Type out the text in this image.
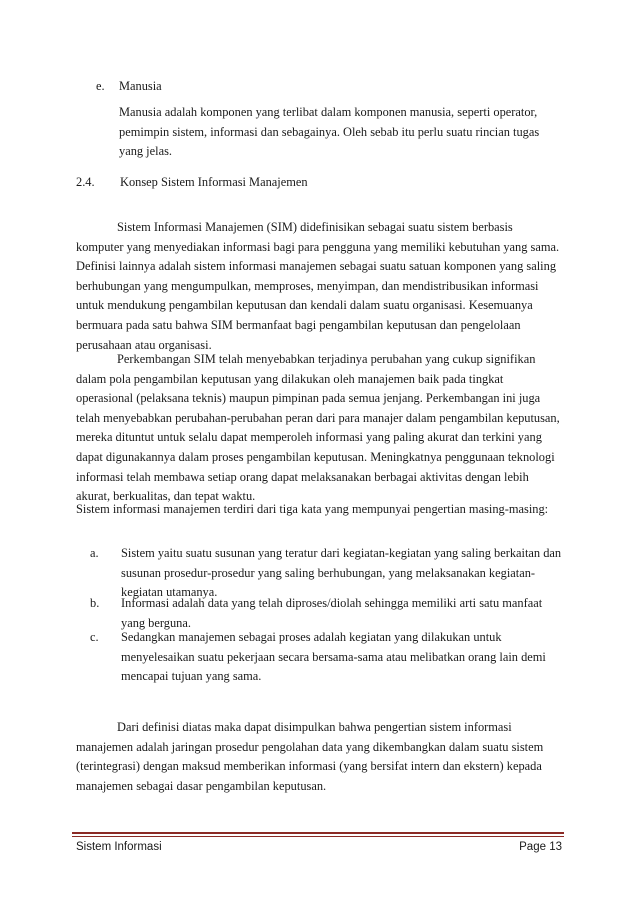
e. Manusia

Manusia adalah komponen yang terlibat dalam komponen manusia, seperti operator, pemimpin sistem, informasi dan sebagainya. Oleh sebab itu perlu suatu rincian tugas yang jelas.

2.4. Konsep Sistem Informasi Manajemen

Sistem Informasi Manajemen (SIM) didefinisikan sebagai suatu sistem berbasis komputer yang menyediakan informasi bagi para pengguna yang memiliki kebutuhan yang sama. Definisi lainnya adalah sistem informasi manajemen sebagai suatu satuan komponen yang saling berhubungan yang mengumpulkan, memproses, menyimpan, dan mendistribusikan informasi untuk mendukung pengambilan keputusan dan kendali dalam suatu organisasi. Kesemuanya bermuara pada satu bahwa SIM bermanfaat bagi pengambilan keputusan dan pengelolaan perusahaan atau organisasi.

Perkembangan SIM telah menyebabkan terjadinya perubahan yang cukup signifikan dalam pola pengambilan keputusan yang dilakukan oleh manajemen baik pada tingkat operasional (pelaksana teknis) maupun pimpinan pada semua jenjang. Perkembangan ini juga telah menyebabkan perubahan-perubahan peran dari para manajer dalam pengambilan keputusan, mereka dituntut untuk selalu dapat memperoleh informasi yang paling akurat dan terkini yang dapat digunakannya dalam proses pengambilan keputusan. Meningkatnya penggunaan teknologi informasi telah membawa setiap orang dapat melaksanakan berbagai aktivitas dengan lebih akurat, berkualitas, dan tepat waktu.

Sistem informasi manajemen terdiri dari tiga kata yang mempunyai pengertian masing-masing:

a. Sistem yaitu suatu susunan yang teratur dari kegiatan-kegiatan yang saling berkaitan dan susunan prosedur-prosedur yang saling berhubungan, yang melaksanakan kegiatan-kegiatan utamanya.

b. Informasi adalah data yang telah diproses/diolah sehingga memiliki arti satu manfaat yang berguna.

c. Sedangkan manajemen sebagai proses adalah kegiatan yang dilakukan untuk menyelesaikan suatu pekerjaan secara bersama-sama atau melibatkan orang lain demi mencapai tujuan yang sama.

Dari definisi diatas maka dapat disimpulkan bahwa pengertian sistem informasi manajemen adalah jaringan prosedur pengolahan data yang dikembangkan dalam suatu sistem (terintegrasi) dengan maksud memberikan informasi (yang bersifat intern dan ekstern) kepada manajemen sebagai dasar pengambilan keputusan.

Sistem Informasi	Page 13
